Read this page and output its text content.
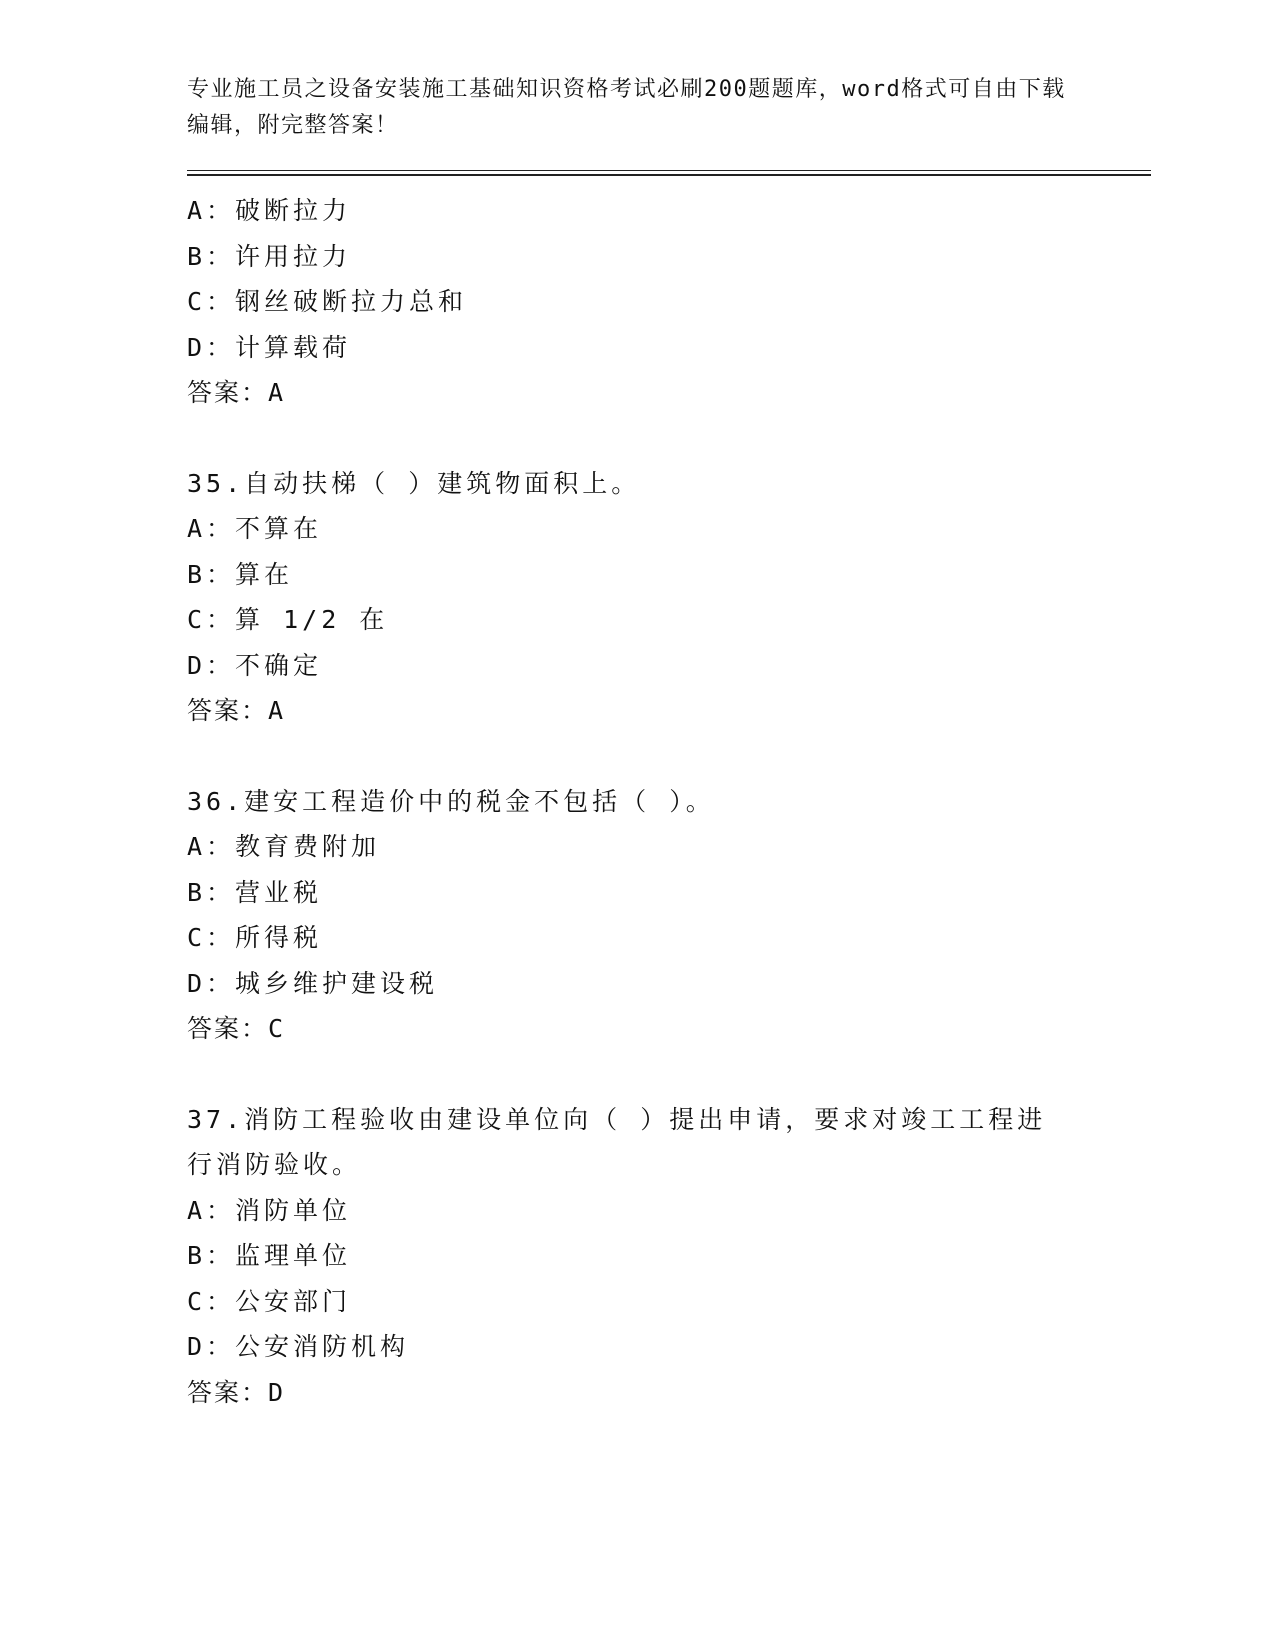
专业施工员之设备安装施工基础知识资格考试必刷200题题库，word格式可自由下载编辑，附完整答案！
A：破断拉力
B：许用拉力
C：钢丝破断拉力总和
D：计算载荷
答案：A
35.自动扶梯（ ）建筑物面积上。
A：不算在
B：算在
C：算 1/2 在
D：不确定
答案：A
36.建安工程造价中的税金不包括（ ）。
A：教育费附加
B：营业税
C：所得税
D：城乡维护建设税
答案：C
37.消防工程验收由建设单位向（ ）提出申请，要求对竣工工程进行消防验收。
A：消防单位
B：监理单位
C：公安部门
D：公安消防机构
答案：D
